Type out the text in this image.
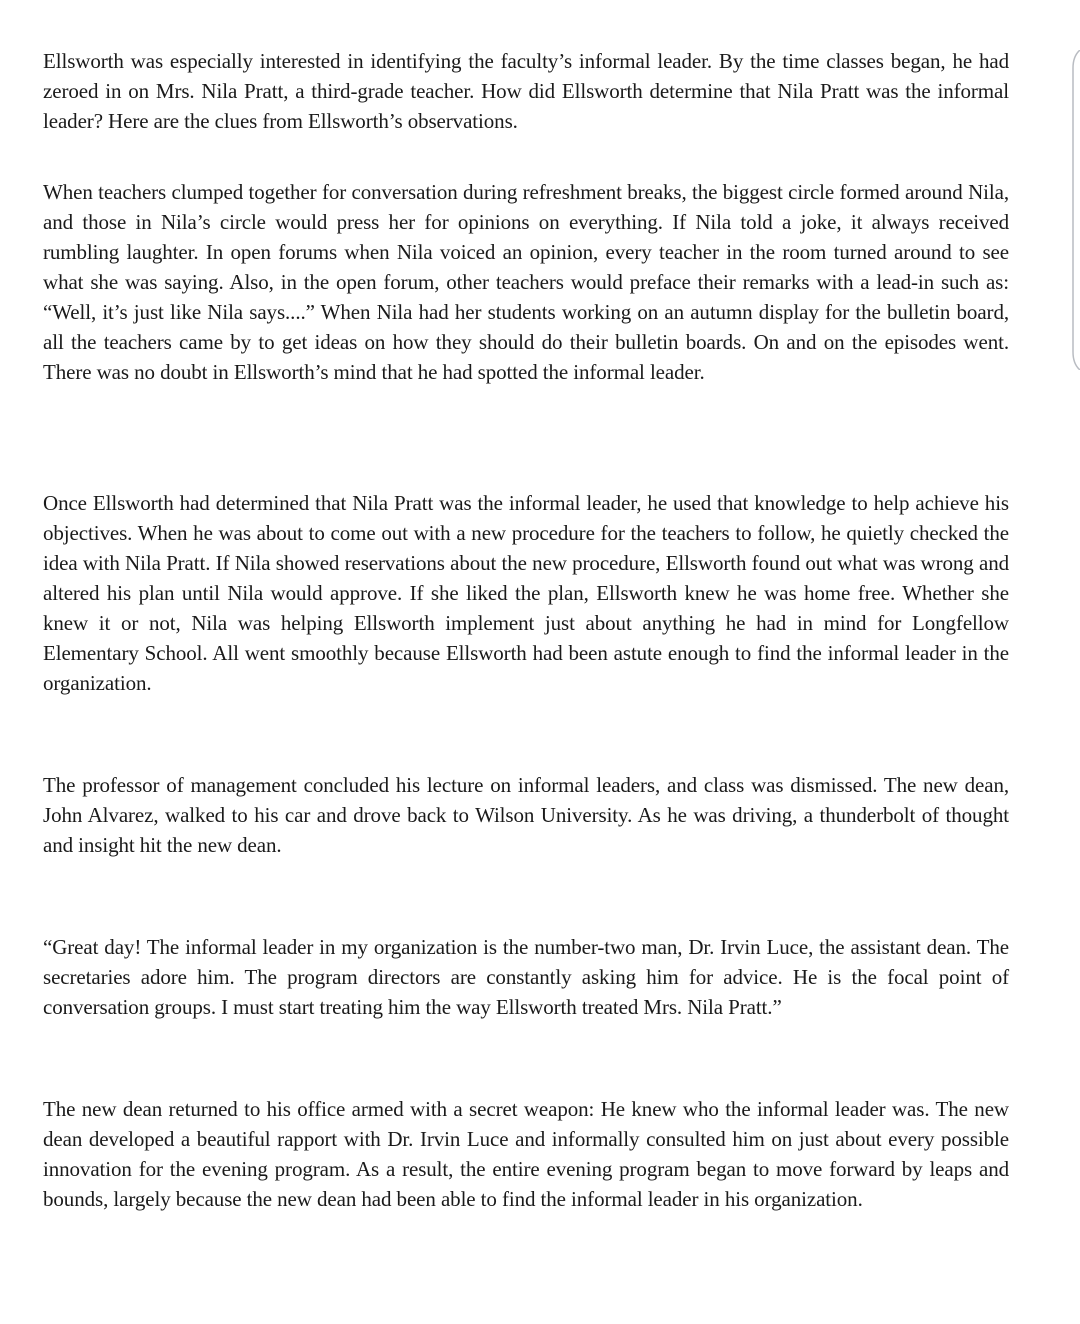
Ellsworth was especially interested in identifying the faculty’s informal leader. By the time classes began, he had zeroed in on Mrs. Nila Pratt, a third-grade teacher. How did Ellsworth determine that Nila Pratt was the informal leader? Here are the clues from Ellsworth’s observations.

When teachers clumped together for conversation during refreshment breaks, the biggest circle formed around Nila, and those in Nila’s circle would press her for opinions on everything. If Nila told a joke, it always received rumbling laughter. In open forums when Nila voiced an opinion, every teacher in the room turned around to see what she was saying. Also, in the open forum, other teachers would preface their remarks with a lead-in such as: “Well, it’s just like Nila says....” When Nila had her students working on an autumn display for the bulletin board, all the teachers came by to get ideas on how they should do their bulletin boards. On and on the episodes went. There was no doubt in Ellsworth’s mind that he had spotted the informal leader.

Once Ellsworth had determined that Nila Pratt was the informal leader, he used that knowledge to help achieve his objectives. When he was about to come out with a new procedure for the teachers to follow, he quietly checked the idea with Nila Pratt. If Nila showed reservations about the new procedure, Ellsworth found out what was wrong and altered his plan until Nila would approve. If she liked the plan, Ellsworth knew he was home free. Whether she knew it or not, Nila was helping Ellsworth implement just about anything he had in mind for Longfellow Elementary School. All went smoothly because Ellsworth had been astute enough to find the informal leader in the organization.

The professor of management concluded his lecture on informal leaders, and class was dismissed. The new dean, John Alvarez, walked to his car and drove back to Wilson University. As he was driving, a thunderbolt of thought and insight hit the new dean.

“Great day! The informal leader in my organization is the number-two man, Dr. Irvin Luce, the assistant dean. The secretaries adore him. The program directors are constantly asking him for advice. He is the focal point of conversation groups. I must start treating him the way Ellsworth treated Mrs. Nila Pratt.”

The new dean returned to his office armed with a secret weapon: He knew who the informal leader was. The new dean developed a beautiful rapport with Dr. Irvin Luce and informally consulted him on just about every possible innovation for the evening program. As a result, the entire evening program began to move forward by leaps and bounds, largely because the new dean had been able to find the informal leader in his organization.
